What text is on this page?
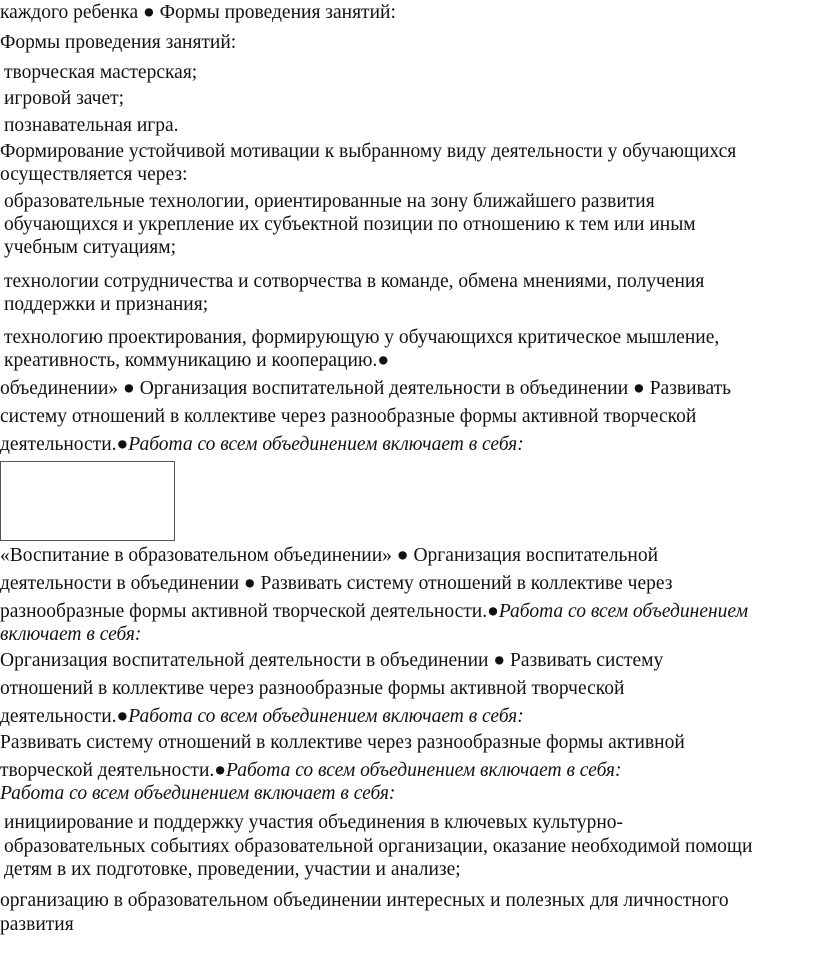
каждого ребенка ● Формы проведения занятий:
Формы проведения занятий:
творческая мастерская;
игровой зачет;
познавательная игра.
Формирование устойчивой мотивации к выбранному виду деятельности у обучающихся
осуществляется через:
образовательные технологии, ориентированные на зону ближайшего развития
обучающихся и укрепление их субъектной позиции по отношению к тем или иным
учебным ситуациям;
технологии сотрудничества и сотворчества в команде, обмена мнениями, получения
поддержки и признания;
технологию проектирования, формирующую у обучающихся критическое мышление,
креативность, коммуникацию и кооперацию.●
объединении» ● Организация воспитательной деятельности в объединении ● Развивать
систему отношений в коллективе через разнообразные формы активной творческой
деятельности.●Работа со всем объединением включает в себя:
«Воспитание в образовательном объединении» ● Организация воспитательной
деятельности в объединении ● Развивать систему отношений в коллективе через
разнообразные формы активной творческой деятельности.●Работа со всем объединением
включает в себя:
Организация воспитательной деятельности в объединении ● Развивать систему
отношений в коллективе через разнообразные формы активной творческой
деятельности.●Работа со всем объединением включает в себя:
Развивать систему отношений в коллективе через разнообразные формы активной
творческой деятельности.●Работа со всем объединением включает в себя:
Работа со всем объединением включает в себя:
инициирование и поддержку участия объединения в ключевых культурно-
образовательных событиях образовательной организации, оказание необходимой помощи
детям в их подготовке, проведении, участии и анализе;
организацию в образовательном объединении интересных и полезных для личностного
развития
